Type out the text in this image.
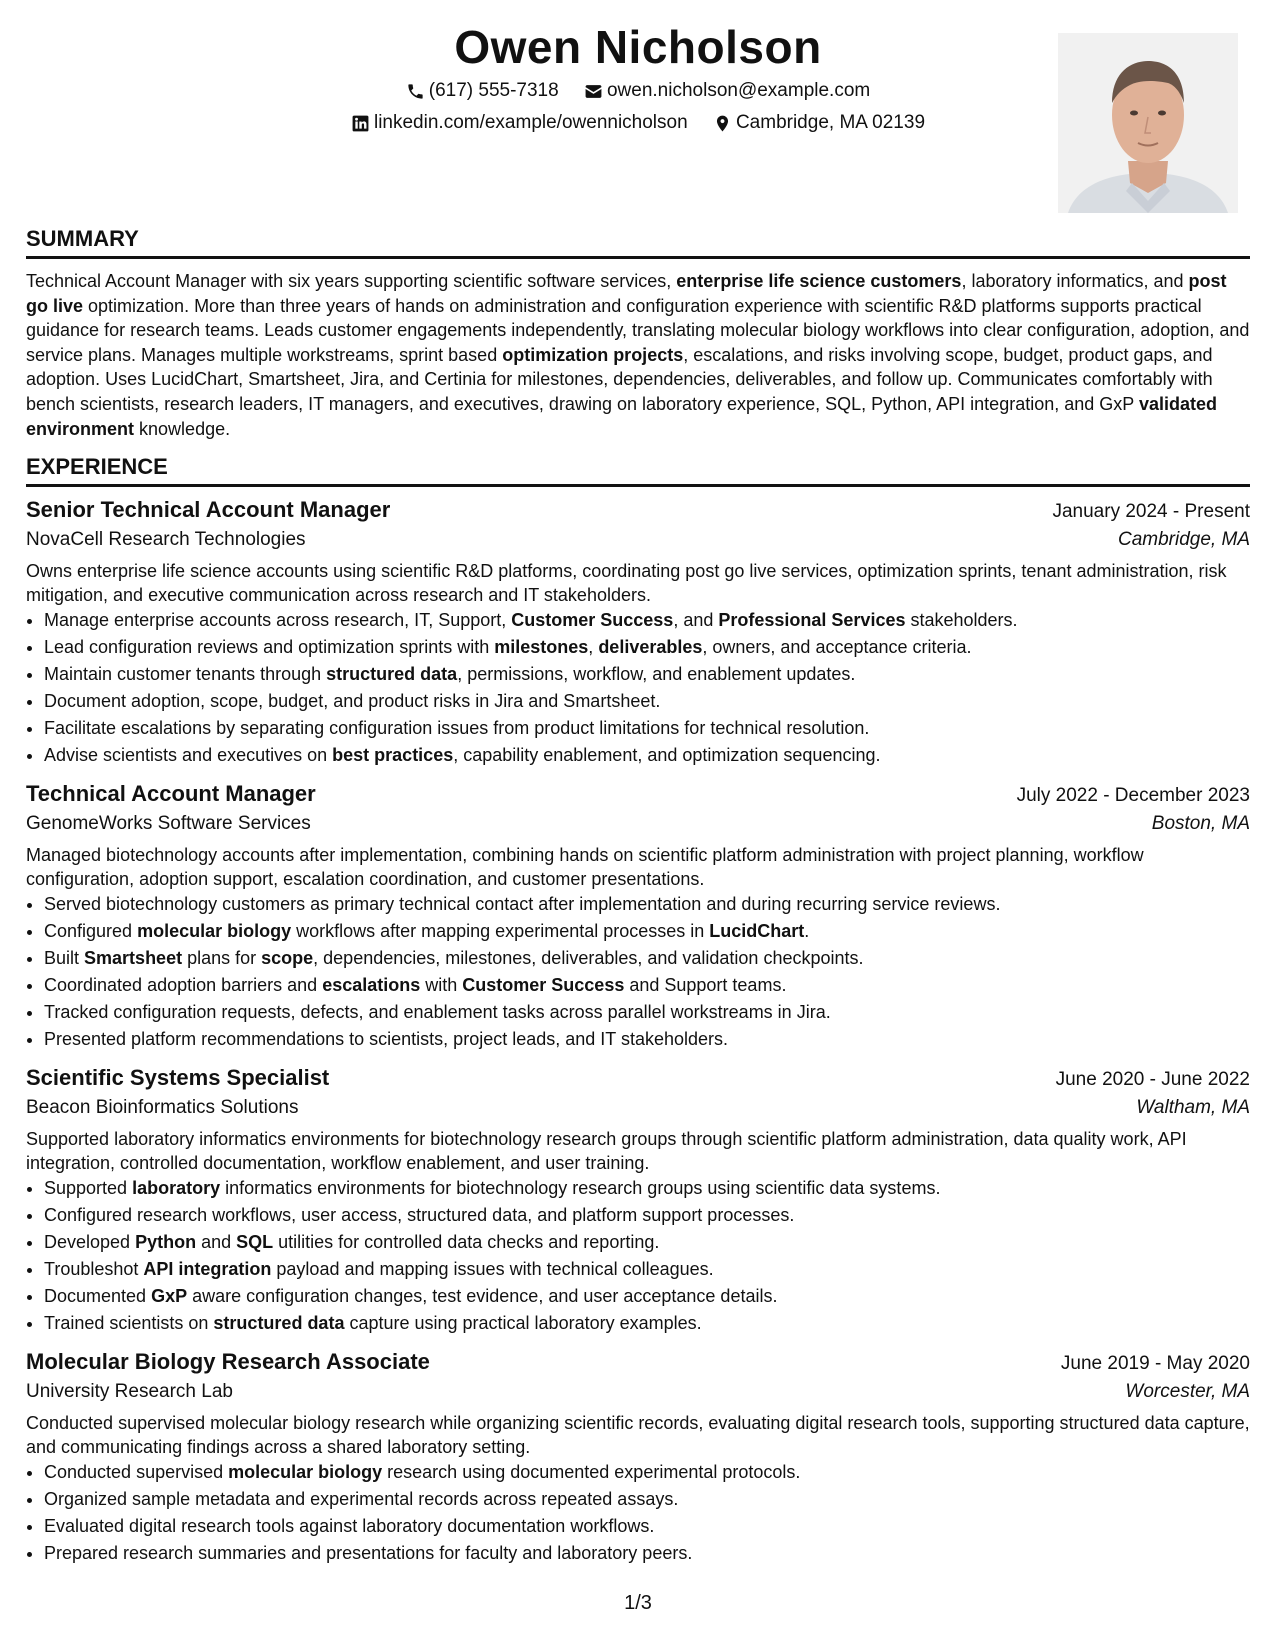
Owen Nicholson
(617) 555-7318
	owen.nicholson@example.com
linkedin.com/example/owennicholson
	Cambridge, MA 02139
SUMMARY
Technical Account Manager with six years supporting scientific software services, enterprise life science customers, laboratory informatics, and post go live optimization. More than three years of hands on administration and configuration experience with scientific R&D platforms supports practical guidance for research teams. Leads customer engagements independently, translating molecular biology workflows into clear configuration, adoption, and service plans. Manages multiple workstreams, sprint based optimization projects, escalations, and risks involving scope, budget, product gaps, and adoption. Uses LucidChart, Smartsheet, Jira, and Certinia for milestones, dependencies, deliverables, and follow up. Communicates comfortably with bench scientists, research leaders, IT managers, and executives, drawing on laboratory experience, SQL, Python, API integration, and GxP validated environment knowledge.
EXPERIENCE
Senior Technical Account Manager	January 2024 - Present
NovaCell Research Technologies	Cambridge, MA
Owns enterprise life science accounts using scientific R&D platforms, coordinating post go live services, optimization sprints, tenant administration, risk mitigation, and executive communication across research and IT stakeholders.
• Manage enterprise accounts across research, IT, Support, Customer Success, and Professional Services stakeholders.
• Lead configuration reviews and optimization sprints with milestones, deliverables, owners, and acceptance criteria.
• Maintain customer tenants through structured data, permissions, workflow, and enablement updates.
• Document adoption, scope, budget, and product risks in Jira and Smartsheet.
• Facilitate escalations by separating configuration issues from product limitations for technical resolution.
• Advise scientists and executives on best practices, capability enablement, and optimization sequencing.
Technical Account Manager	July 2022 - December 2023
GenomeWorks Software Services	Boston, MA
Managed biotechnology accounts after implementation, combining hands on scientific platform administration with project planning, workflow configuration, adoption support, escalation coordination, and customer presentations.
• Served biotechnology customers as primary technical contact after implementation and during recurring service reviews.
• Configured molecular biology workflows after mapping experimental processes in LucidChart.
• Built Smartsheet plans for scope, dependencies, milestones, deliverables, and validation checkpoints.
• Coordinated adoption barriers and escalations with Customer Success and Support teams.
• Tracked configuration requests, defects, and enablement tasks across parallel workstreams in Jira.
• Presented platform recommendations to scientists, project leads, and IT stakeholders.
Scientific Systems Specialist	June 2020 - June 2022
Beacon Bioinformatics Solutions	Waltham, MA
Supported laboratory informatics environments for biotechnology research groups through scientific platform administration, data quality work, API integration, controlled documentation, workflow enablement, and user training.
• Supported laboratory informatics environments for biotechnology research groups using scientific data systems.
• Configured research workflows, user access, structured data, and platform support processes.
• Developed Python and SQL utilities for controlled data checks and reporting.
• Troubleshot API integration payload and mapping issues with technical colleagues.
• Documented GxP aware configuration changes, test evidence, and user acceptance details.
• Trained scientists on structured data capture using practical laboratory examples.
Molecular Biology Research Associate	June 2019 - May 2020
University Research Lab	Worcester, MA
Conducted supervised molecular biology research while organizing scientific records, evaluating digital research tools, supporting structured data capture, and communicating findings across a shared laboratory setting.
• Conducted supervised molecular biology research using documented experimental protocols.
• Organized sample metadata and experimental records across repeated assays.
• Evaluated digital research tools against laboratory documentation workflows.
• Prepared research summaries and presentations for faculty and laboratory peers.
1/3
